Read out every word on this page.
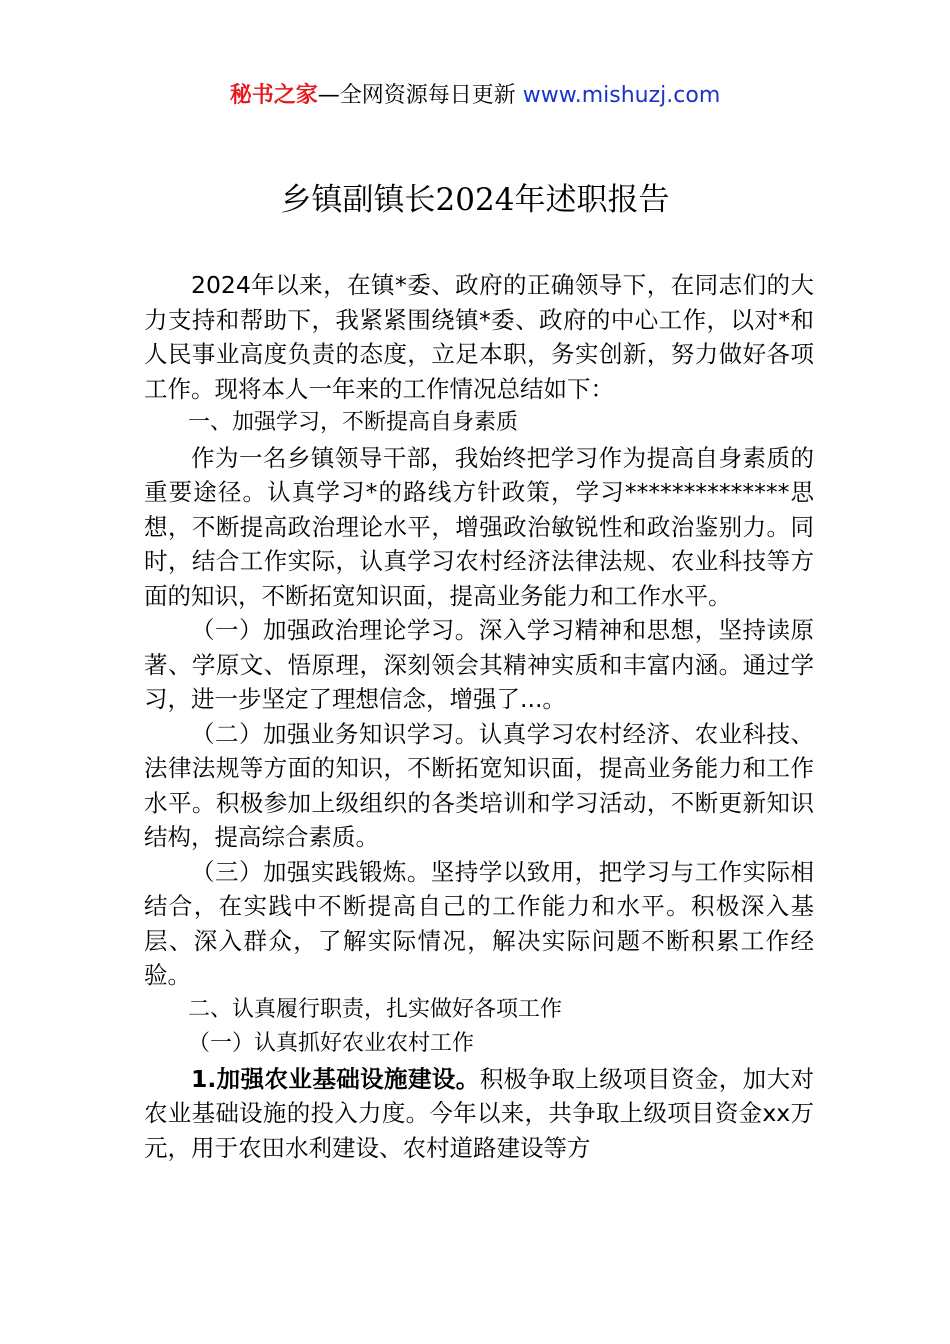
秘书之家—全网资源每日更新 www.mishuzj.com
乡镇副镇长2024年述职报告

2024年以来，在镇*委、政府的正确领导下，在同志们的大力支持和帮助下，我紧紧围绕镇*委、政府的中心工作，以对*和人民事业高度负责的态度，立足本职，务实创新，努力做好各项工作。现将本人一年来的工作情况总结如下：

一、加强学习，不断提高自身素质

作为一名乡镇领导干部，我始终把学习作为提高自身素质的重要途径。认真学习*的路线方针政策，学习**************思想，不断提高政治理论水平，增强政治敏锐性和政治鉴别力。同时，结合工作实际，认真学习农村经济法律法规、农业科技等方面的知识，不断拓宽知识面，提高业务能力和工作水平。

（一）加强政治理论学习。深入学习精神和思想，坚持读原著、学原文、悟原理，深刻领会其精神实质和丰富内涵。通过学习，进一步坚定了理想信念，增强了...。

（二）加强业务知识学习。认真学习农村经济、农业科技、法律法规等方面的知识，不断拓宽知识面，提高业务能力和工作水平。积极参加上级组织的各类培训和学习活动，不断更新知识结构，提高综合素质。

（三）加强实践锻炼。坚持学以致用，把学习与工作实际相结合，在实践中不断提高自己的工作能力和水平。积极深入基层、深入群众，了解实际情况，解决实际问题不断积累工作经验。

二、认真履行职责，扎实做好各项工作

（一）认真抓好农业农村工作

1.加强农业基础设施建设。积极争取上级项目资金，加大对农业基础设施的投入力度。今年以来，共争取上级项目资金xx万元，用于农田水利建设、农村道路建设等方
